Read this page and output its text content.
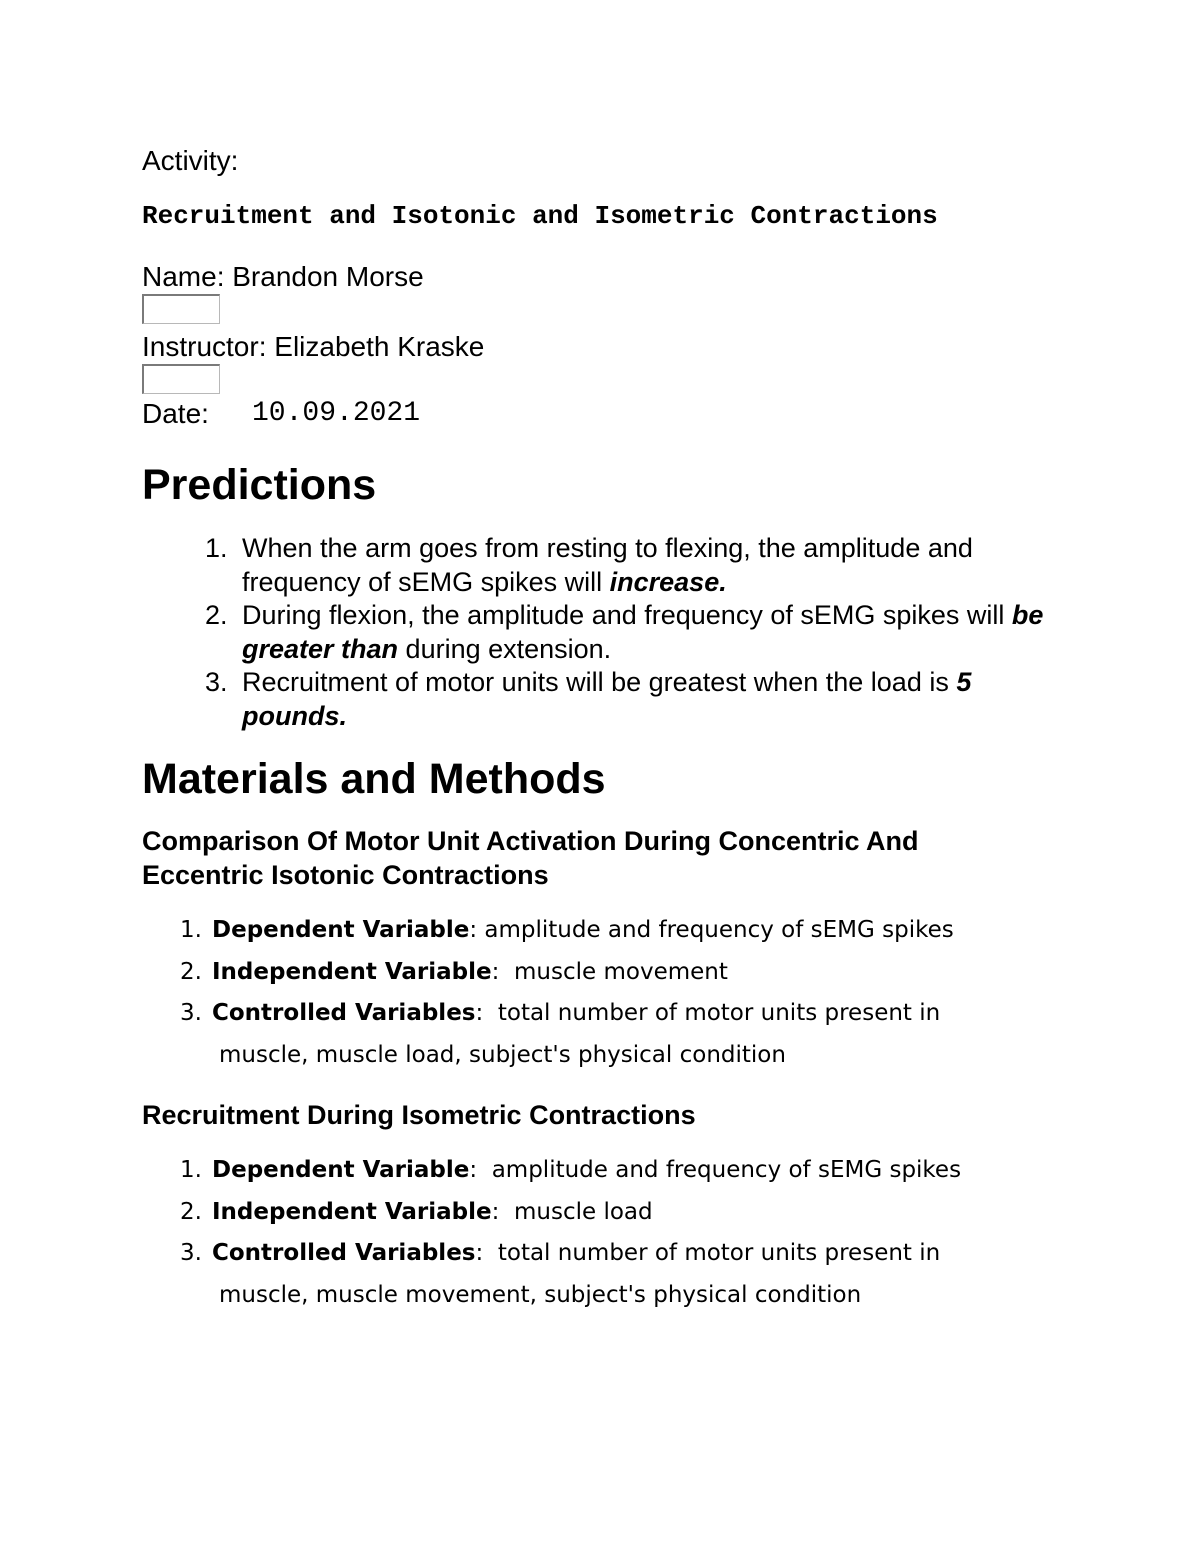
Activity:
Recruitment and Isotonic and Isometric Contractions
Name: Brandon Morse
Instructor: Elizabeth Kraske
Date: 10.09.2021
Predictions
1. When the arm goes from resting to flexing, the amplitude and frequency of sEMG spikes will increase.
2. During flexion, the amplitude and frequency of sEMG spikes will be greater than during extension.
3. Recruitment of motor units will be greatest when the load is 5 pounds.
Materials and Methods
Comparison Of Motor Unit Activation During Concentric And Eccentric Isotonic Contractions
1. Dependent Variable: amplitude and frequency of sEMG spikes
2. Independent Variable:  muscle movement
3. Controlled Variables:  total number of motor units present in
muscle, muscle load, subject's physical condition
Recruitment During Isometric Contractions
1. Dependent Variable:  amplitude and frequency of sEMG spikes
2. Independent Variable:  muscle load
3. Controlled Variables:  total number of motor units present in
muscle, muscle movement, subject's physical condition
